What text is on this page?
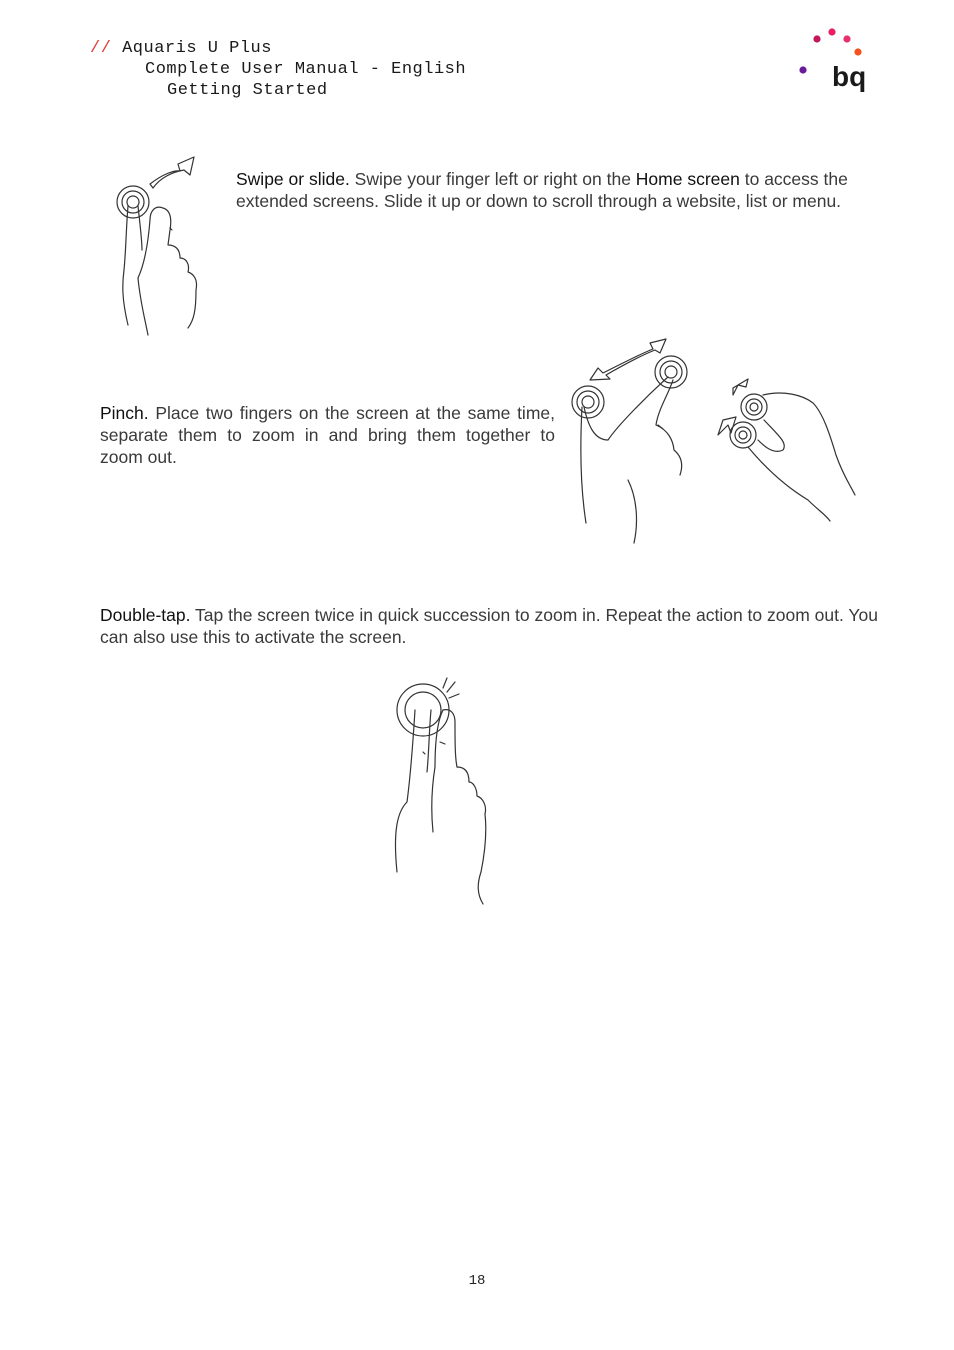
// Aquaris U Plus
Complete User Manual - English
Getting Started	bq
Swipe or slide. Swipe your finger left or right on the Home screen to access the extended screens. Slide it up or down to scroll through a website, list or menu.
Pinch. Place two fingers on the screen at the same time, separate them to zoom in and bring them together to zoom out.
Double-tap. Tap the screen twice in quick succession to zoom in. Repeat the action to zoom out. You can also use this to activate the screen.
18
